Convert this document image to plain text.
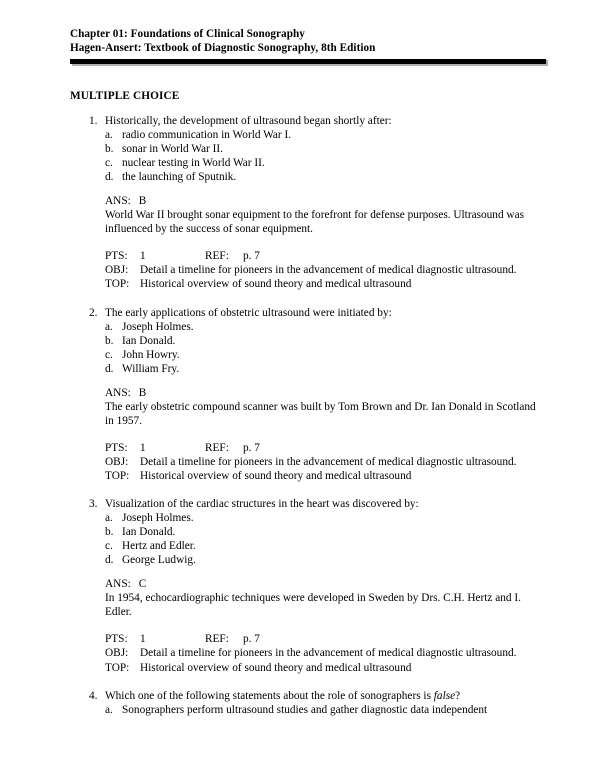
Chapter 01: Foundations of Clinical Sonography
Hagen-Ansert: Textbook of Diagnostic Sonography, 8th Edition
MULTIPLE CHOICE
1. Historically, the development of ultrasound began shortly after:
a. radio communication in World War I.
b. sonar in World War II.
c. nuclear testing in World War II.
d. the launching of Sputnik.
ANS: B
World War II brought sonar equipment to the forefront for defense purposes. Ultrasound was influenced by the success of sonar equipment.
PTS:	1	REF:	p. 7
OBJ:	Detail a timeline for pioneers in the advancement of medical diagnostic ultrasound.
TOP: Historical overview of sound theory and medical ultrasound
2. The early applications of obstetric ultrasound were initiated by:
a. Joseph Holmes.
b. Ian Donald.
c. John Howry.
d. William Fry.
ANS: B
The early obstetric compound scanner was built by Tom Brown and Dr. Ian Donald in Scotland in 1957.
PTS:	1	REF:	p. 7
OBJ:	Detail a timeline for pioneers in the advancement of medical diagnostic ultrasound.
TOP: Historical overview of sound theory and medical ultrasound
3. Visualization of the cardiac structures in the heart was discovered by:
a. Joseph Holmes.
b. Ian Donald.
c. Hertz and Edler.
d. George Ludwig.
ANS: C
In 1954, echocardiographic techniques were developed in Sweden by Drs. C.H. Hertz and I. Edler.
PTS:	1	REF:	p. 7
OBJ:	Detail a timeline for pioneers in the advancement of medical diagnostic ultrasound.
TOP: Historical overview of sound theory and medical ultrasound
4. Which one of the following statements about the role of sonographers is false?
a. Sonographers perform ultrasound studies and gather diagnostic data independent
